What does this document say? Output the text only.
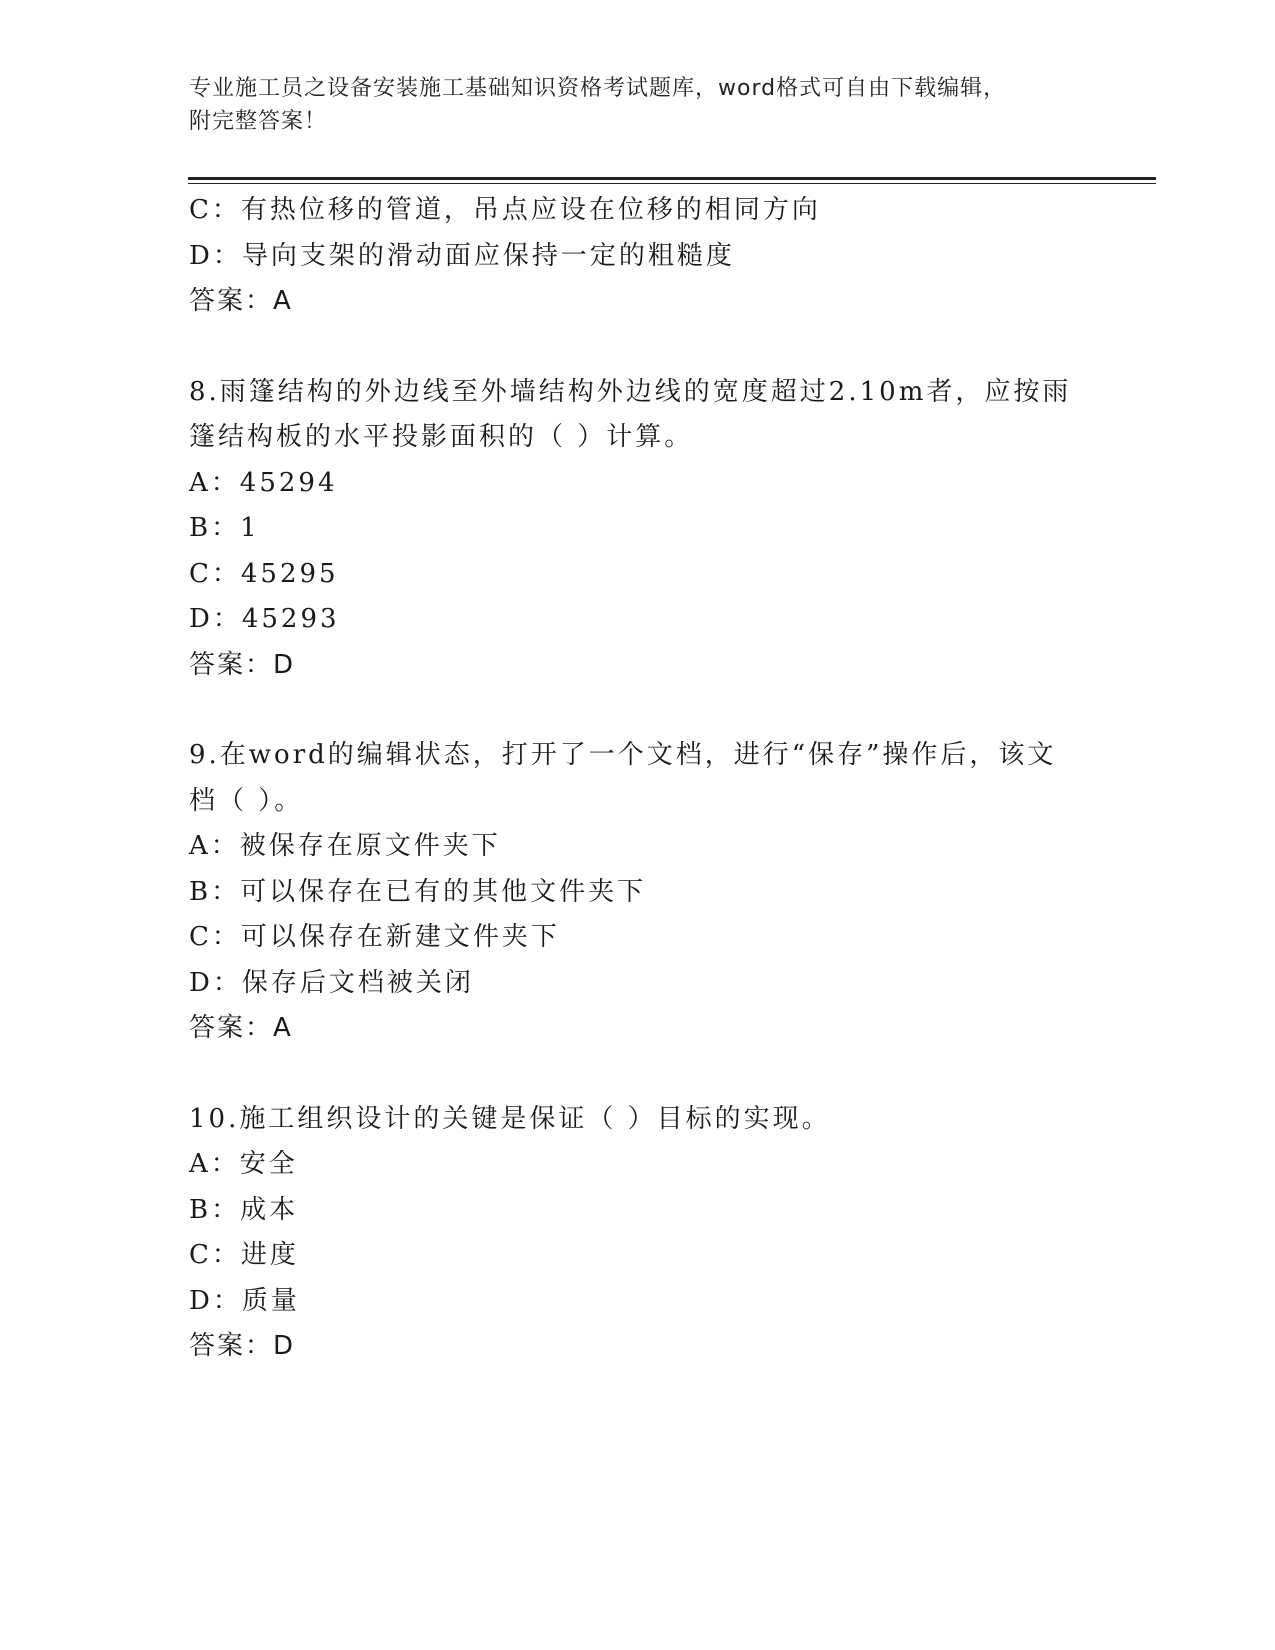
专业施工员之设备安装施工基础知识资格考试题库，word格式可自由下载编辑，
附完整答案！
C：有热位移的管道，吊点应设在位移的相同方向
D：导向支架的滑动面应保持一定的粗糙度
答案：A
8.雨篷结构的外边线至外墙结构外边线的宽度超过2.10m者，应按雨
篷结构板的水平投影面积的（ ）计算。
A：45294
B：1
C：45295
D：45293
答案：D
9.在word的编辑状态，打开了一个文档，进行“保存”操作后，该文
档（ ）。
A：被保存在原文件夹下
B：可以保存在已有的其他文件夹下
C：可以保存在新建文件夹下
D：保存后文档被关闭
答案：A
10.施工组织设计的关键是保证（ ）目标的实现。
A：安全
B：成本
C：进度
D：质量
答案：D
